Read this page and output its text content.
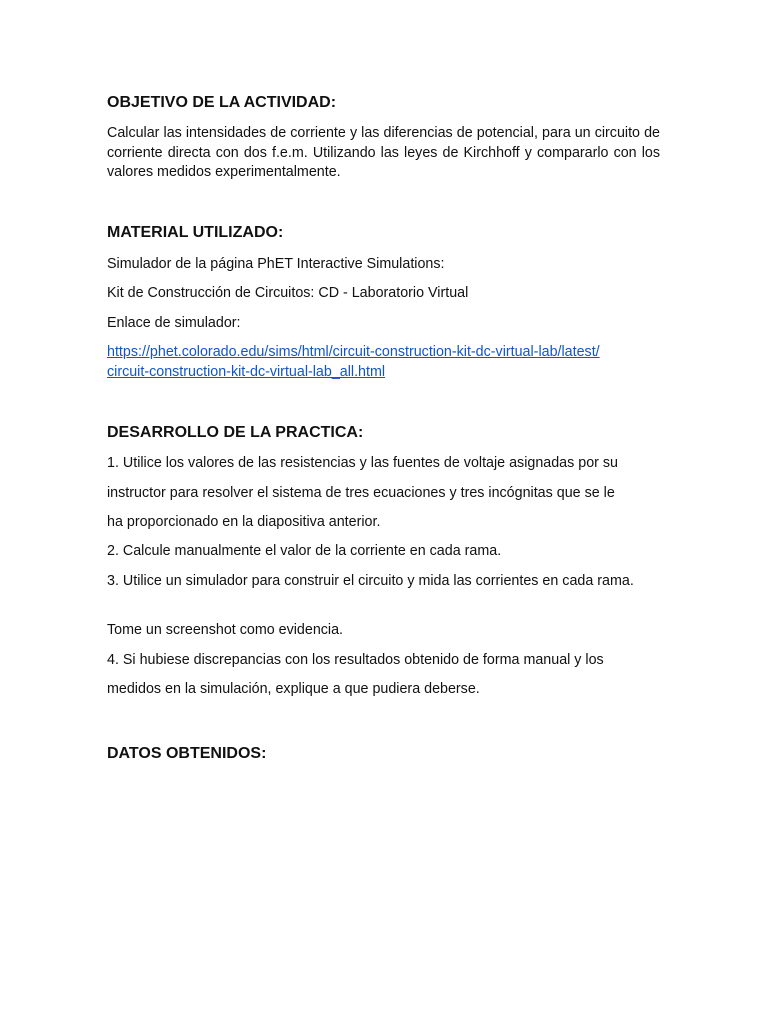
OBJETIVO DE LA ACTIVIDAD:

Calcular las intensidades de corriente y las diferencias de potencial, para un circuito de corriente directa con dos f.e.m. Utilizando las leyes de Kirchhoff y compararlo con los valores medidos experimentalmente.

MATERIAL UTILIZADO:

Simulador de la página PhET Interactive Simulations:

Kit de Construcción de Circuitos: CD - Laboratorio Virtual

Enlace de simulador:

https://phet.colorado.edu/sims/html/circuit-construction-kit-dc-virtual-lab/latest/
circuit-construction-kit-dc-virtual-lab_all.html

DESARROLLO DE LA PRACTICA:

1. Utilice los valores de las resistencias y las fuentes de voltaje asignadas por su

instructor para resolver el sistema de tres ecuaciones y tres incógnitas que se le

ha proporcionado en la diapositiva anterior.

2. Calcule manualmente el valor de la corriente en cada rama.

3. Utilice un simulador para construir el circuito y mida las corrientes en cada rama.

Tome un screenshot como evidencia.

4. Si hubiese discrepancias con los resultados obtenido de forma manual y los

medidos en la simulación, explique a que pudiera deberse.

DATOS OBTENIDOS:
